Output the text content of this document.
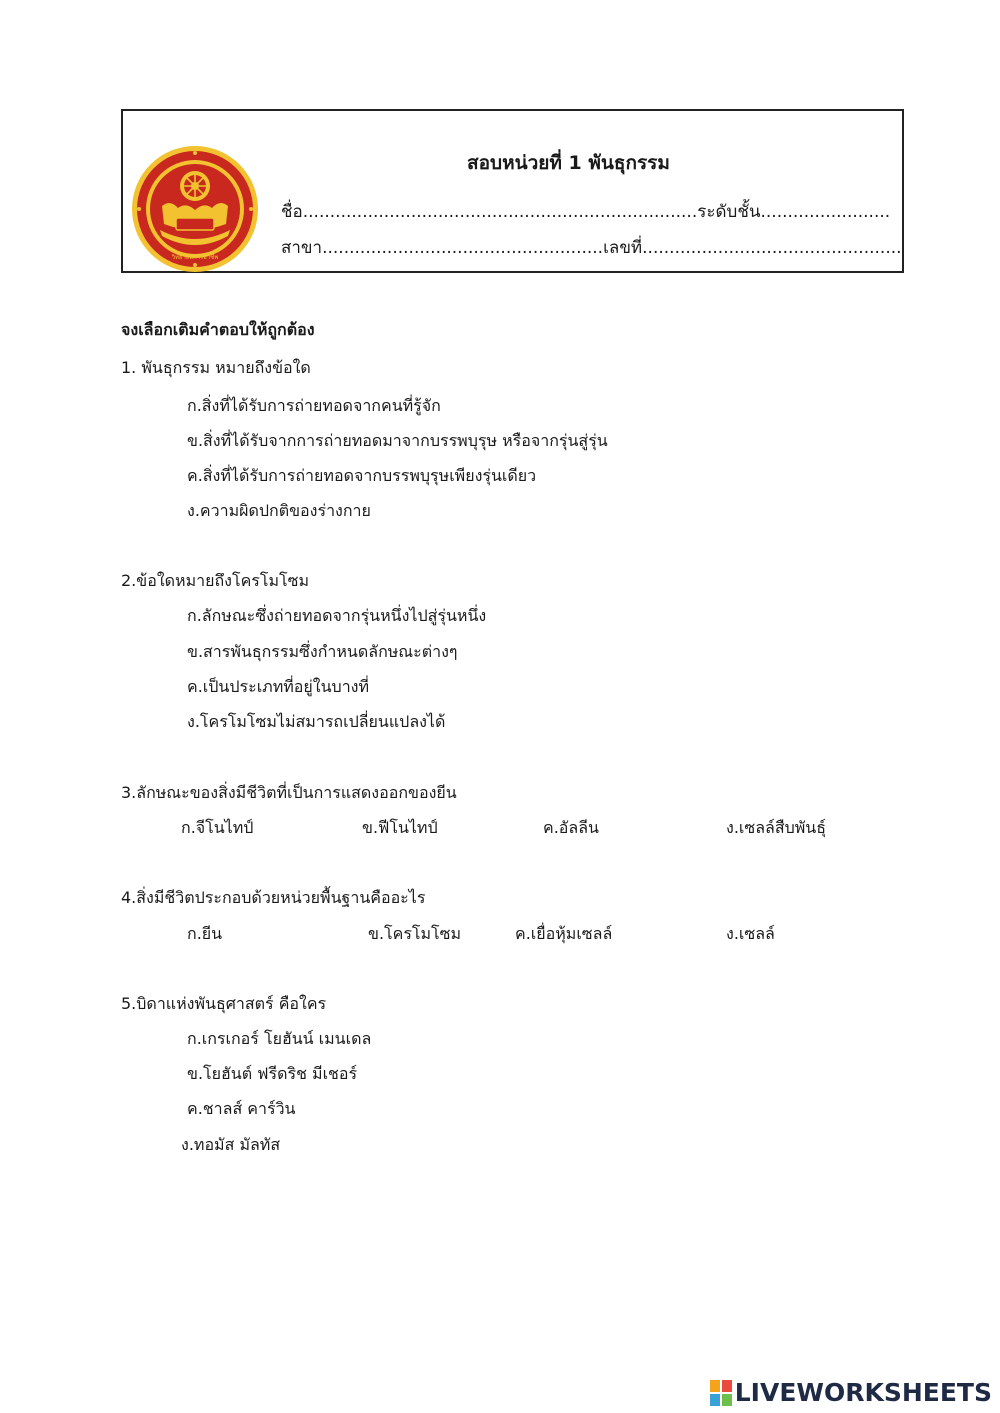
วิทยาลัยการอาชีพ
สอบหน่วยที่ 1 พันธุกรรม
ชื่อ.........................................................................ระดับชั้น........................
สาขา....................................................เลขที่................................................
จงเลือกเติมคำตอบให้ถูกต้อง
1. พันธุกรรม หมายถึงข้อใด
ก.สิ่งที่ได้รับการถ่ายทอดจากคนที่รู้จัก
ข.สิ่งที่ได้รับจากการถ่ายทอดมาจากบรรพบุรุษ หรือจากรุ่นสู่รุ่น
ค.สิ่งที่ได้รับการถ่ายทอดจากบรรพบุรุษเพียงรุ่นเดียว
ง.ความผิดปกติของร่างกาย
2.ข้อใดหมายถึงโครโมโซม
ก.ลักษณะซึ่งถ่ายทอดจากรุ่นหนึ่งไปสู่รุ่นหนึ่ง
ข.สารพันธุกรรมซึ่งกำหนดลักษณะต่างๆ
ค.เป็นประเภทที่อยู่ในบางที่
ง.โครโมโซมไม่สมารถเปลี่ยนแปลงได้
3.ลักษณะของสิ่งมีชีวิตที่เป็นการแสดงออกของยีน
ก.จีโนไทป์	ข.ฟีโนไทป์	ค.อัลลีน	ง.เซลล์สืบพันธุ์
4.สิ่งมีชีวิตประกอบด้วยหน่วยพื้นฐานคืออะไร
ก.ยีน	ข.โครโมโซม	ค.เยื่อหุ้มเซลล์	ง.เซลล์
5.บิดาแห่งพันธุศาสตร์ คือใคร
ก.เกรเกอร์ โยฮันน์ เมนเดล
ข.โยฮันต์ ฟรีดริช มีเชอร์
ค.ชาลส์ คาร์วิน
ง.ทอมัส มัลทัส
LIVEWORKSHEETS
